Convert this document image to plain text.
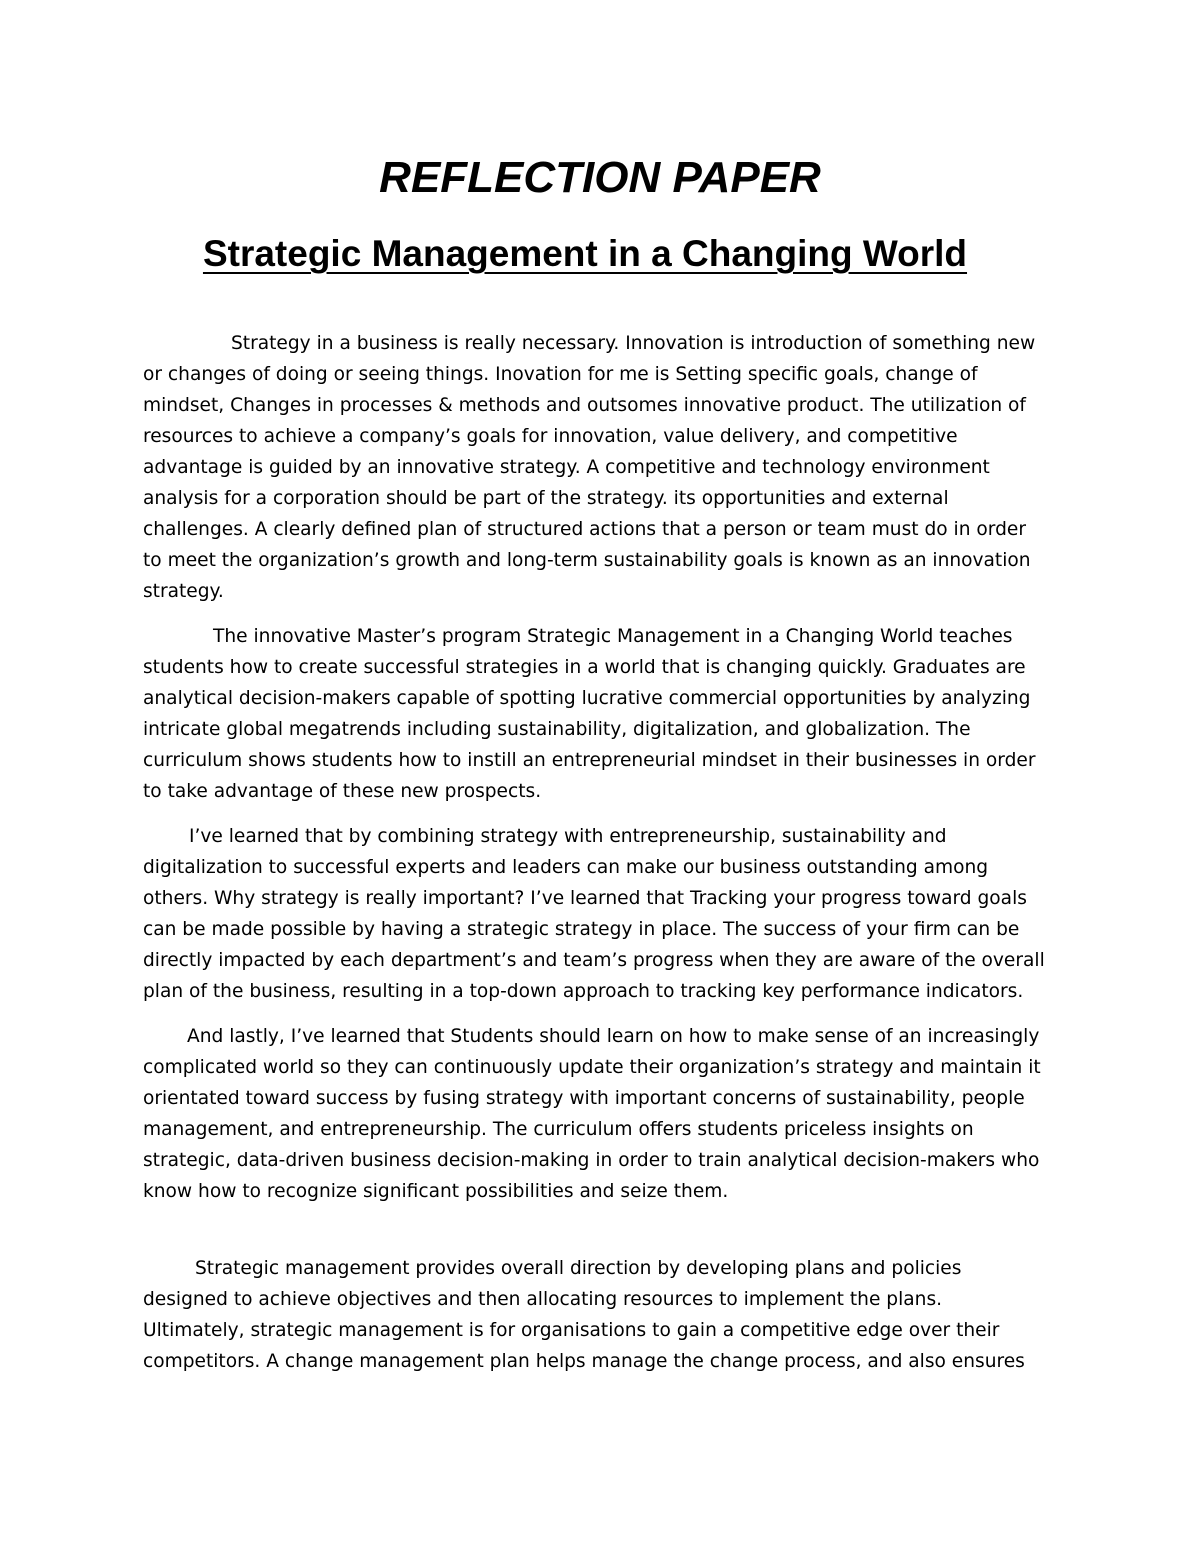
REFLECTION PAPER
Strategic Management in a Changing World
Strategy in a business is really necessary. Innovation is introduction of something new
or changes of doing or seeing things. Inovation for me is Setting specific goals, change of
mindset, Changes in processes & methods and outsomes innovative product. The utilization of
resources to achieve a company’s goals for innovation, value delivery, and competitive
advantage is guided by an innovative strategy. A competitive and technology environment
analysis for a corporation should be part of the strategy. its opportunities and external
challenges. A clearly defined plan of structured actions that a person or team must do in order
to meet the organization’s growth and long-term sustainability goals is known as an innovation
strategy.
The innovative Master’s program Strategic Management in a Changing World teaches
students how to create successful strategies in a world that is changing quickly. Graduates are
analytical decision-makers capable of spotting lucrative commercial opportunities by analyzing
intricate global megatrends including sustainability, digitalization, and globalization. The
curriculum shows students how to instill an entrepreneurial mindset in their businesses in order
to take advantage of these new prospects.
I’ve learned that by combining strategy with entrepreneurship, sustainability and
digitalization to successful experts and leaders can make our business outstanding among
others. Why strategy is really important? I’ve learned that Tracking your progress toward goals
can be made possible by having a strategic strategy in place. The success of your firm can be
directly impacted by each department’s and team’s progress when they are aware of the overall
plan of the business, resulting in a top-down approach to tracking key performance indicators.
And lastly, I’ve learned that Students should learn on how to make sense of an increasingly
complicated world so they can continuously update their organization’s strategy and maintain it
orientated toward success by fusing strategy with important concerns of sustainability, people
management, and entrepreneurship. The curriculum offers students priceless insights on
strategic, data-driven business decision-making in order to train analytical decision-makers who
know how to recognize significant possibilities and seize them.
Strategic management provides overall direction by developing plans and policies
designed to achieve objectives and then allocating resources to implement the plans.
Ultimately, strategic management is for organisations to gain a competitive edge over their
competitors. A change management plan helps manage the change process, and also ensures
